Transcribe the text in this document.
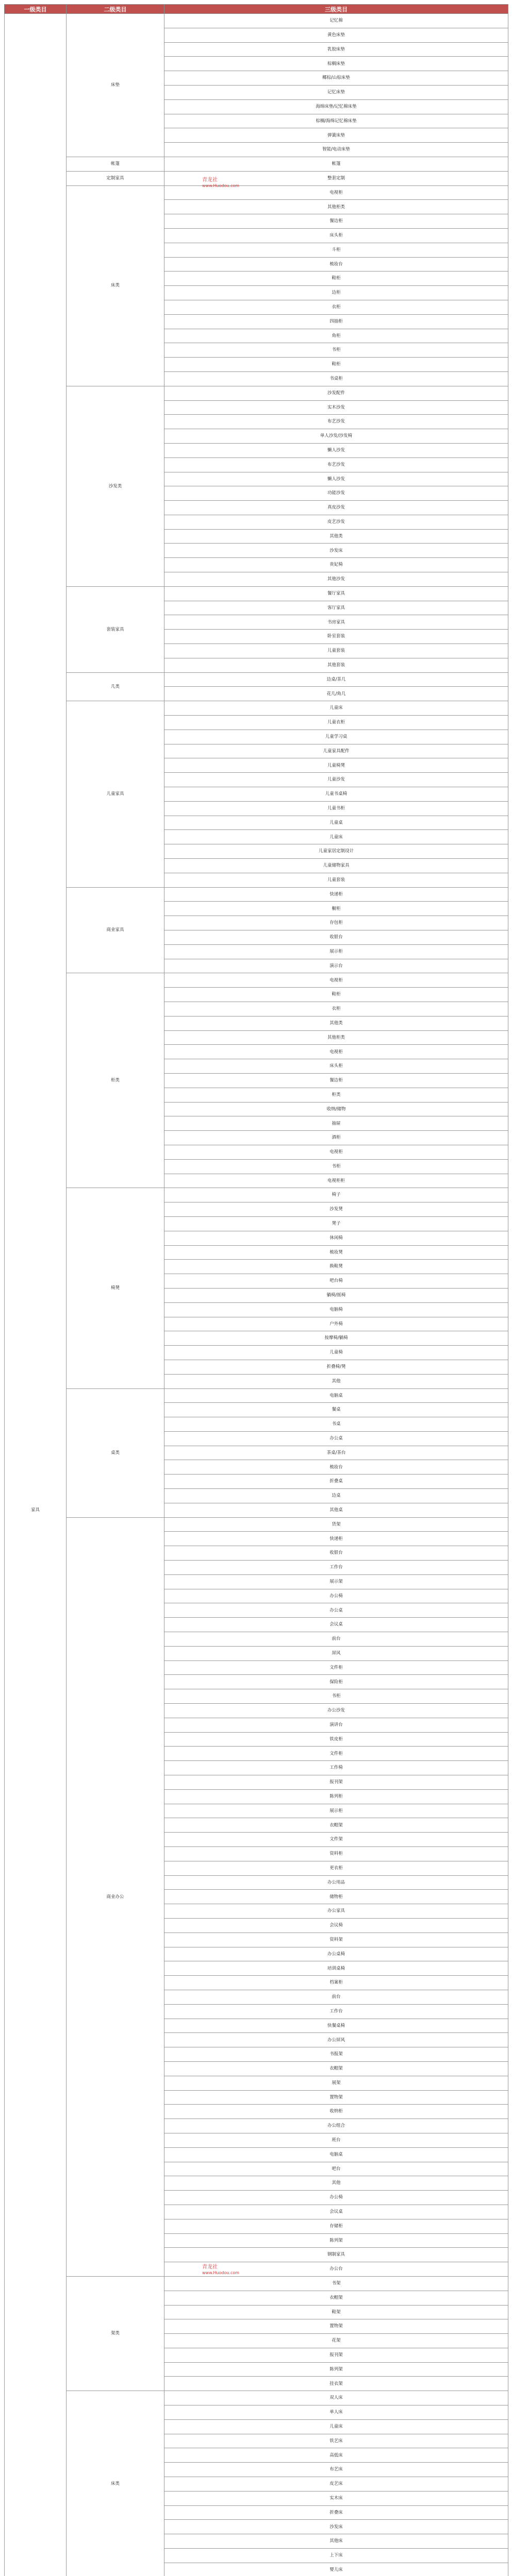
一级类目	二级类目	三级类目
家具	床垫	记忆棉
		黄色床垫
		乳胶床垫
		棕榈床垫
		椰棕/山棕床垫
		记忆床垫
		海绵床垫/记忆棉床垫
		棕榈/海绵记忆棉床垫
		弹簧床垫
		智能/电动床垫
	帐篷	帐篷
	定制家具	整套定制
	床类	电视柜
		其他柜类
		餐边柜
		床头柜
		斗柜
		梳妆台
		鞋柜
		边柜
		衣柜
		四抽柜
		角柜
		书柜
		鞋柜
		书桌柜
	沙发类	沙发配件
		实木沙发
		布艺沙发
		单人沙发/沙发椅
		懒人沙发
		布艺沙发
		懒人沙发
		功能沙发
		真皮沙发
		皮艺沙发
		其他类
		沙发床
		贵妃椅
		其他沙发
	套装家具	餐厅家具
		客厅家具
		书房家具
		卧室套装
		儿童套装
		其他套装
	几类	边桌/茶几
		花几/角几
	儿童家具	儿童床
		儿童衣柜
		儿童学习桌
		儿童家具配件
		儿童椅凳
		儿童沙发
		儿童书桌椅
		儿童书柜
		儿童桌
		儿童床
		儿童家居定制设计
		儿童储物家具
		儿童套装
	商业家具	快递柜
		橱柜
		存包柜
		收银台
		展示柜
		演示台
	柜类	电视柜
		鞋柜
		衣柜
		其他类
		其他柜类
		电视柜
		床头柜
		餐边柜
		柜类
		收纳/储物
		抽屉
		酒柜
		电视柜
		书柜
		电视柜柜
	椅凳	椅子
		沙发凳
		凳子
		休闲椅
		梳妆凳
		换鞋凳
		吧台椅
		躺椅/摇椅
		电脑椅
		户外椅
		按摩椅/躺椅
		儿童椅
		折叠椅/凳
		其他
	桌类	电脑桌
		餐桌
		书桌
		办公桌
		茶桌/茶台
		梳妆台
		折叠桌
		边桌
		其他桌
	商业办公	货架
		快递柜
		收银台
		工作台
		展示架
		办公椅
		办公桌
		会议桌
		前台
		屏风
		文件柜
		保险柜
		书柜
		办公沙发
		演讲台
		铁皮柜
		文件柜
		工作椅
		报刊架
		陈列柜
		展示柜
		衣帽架
		文件架
		资料柜
		更衣柜
		办公用品
		储物柜
		办公家具
		会议椅
		资料架
		办公桌椅
		培训桌椅
		档案柜
		前台
		工作台
		快餐桌椅
		办公屏风
		书报架
		衣帽架
		展架
		置物架
		收纳柜
		办公组合
		班台
		电脑桌
		吧台
		其他
		办公椅
		会议桌
		存储柜
		陈列架
		钢制家具
		办公台
	架类	书架
		衣帽架
		鞋架
		置物架
		花架
		报刊架
		陈列架
		挂衣架
	床类	双人床
		单人床
		儿童床
		铁艺床
		高低床
		布艺床
		皮艺床
		实木床
		折叠床
		沙发床
		其他床
		上下床
		婴儿床

青龙社
www.Huodou.com
青龙社
www.Huodou.com
